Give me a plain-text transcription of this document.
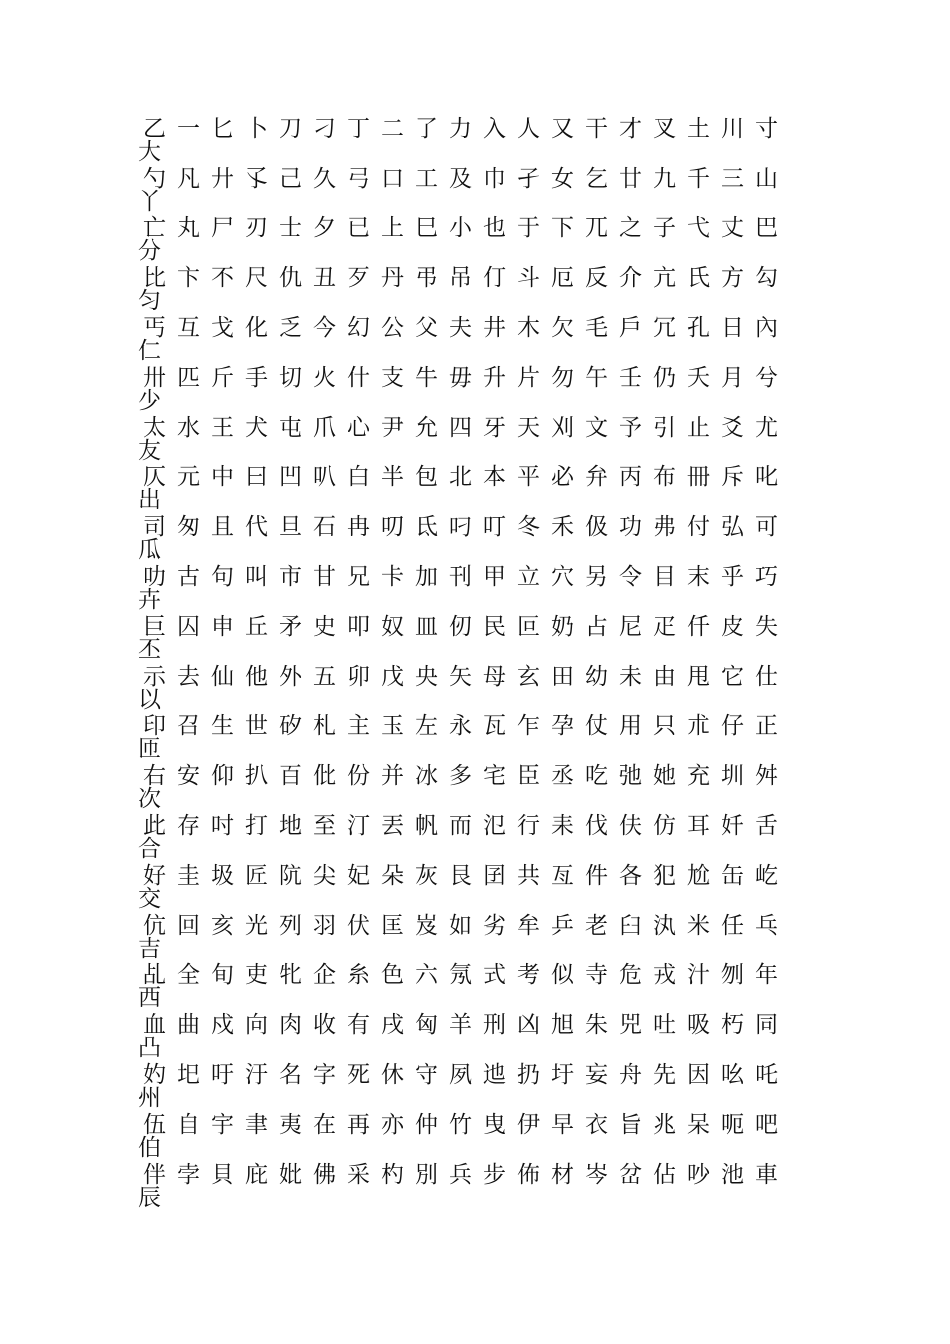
乙一匕卜刀刁丁二了力入人又干才叉土川寸大
勺凡廾孓己久弓口工及巾孑女乞廿九千三山丫
亡丸尸刃士夕已上巳小也于下兀之子弋丈巴分
比卞不尺仇丑歹丹弔吊仃斗厄反介亢氏方勾匀
丐互戈化乏今幻公父夫井木欠毛戶冗孔日內仁
卅匹斤手切火什支牛毋升片勿午壬仍夭月兮少
太水王犬屯爪心尹允四牙天刈文予引止爻尤友
仄元中曰凹叭白半包北本平必弁丙布冊斥叱出
司匆且代旦石冉叨氐叼叮冬禾伋功弗付弘可瓜
叻古句叫市甘兄卡加刊甲立穴另令目末乎巧卉
巨囚申丘矛史叩奴皿仞民叵奶占尼疋仟皮失丕
示去仙他外五卯戊央矢母玄田幼未由甩它仕以
印召生世矽札主玉左永瓦乍孕仗用只朮仔正匝
右安仰扒百仳份并冰多宅臣丞吃弛她充圳舛次
此存吋打地至汀丟帆而氾行耒伐伕仿耳奷舌合
好圭圾匠阬尖妃朵灰艮囝共亙件各犯尬缶屹交
伉回亥光列羽伏匡岌如劣牟乒老臼汍米任乓吉
乩全旬吏牝企糸色六氖式考似寺危戎汁刎年西
血曲戍向肉收有戌匈羊刑凶旭朱兕吐吸朽同凸
妁圯吁汙名字死休守夙迆扔圩妄舟先因吆吒州
伍自宇聿夷在再亦仲竹曳伊早衣旨兆呆呃吧伯
伴孛貝庇妣佛采杓別兵步佈材岑岔佔吵池車辰
